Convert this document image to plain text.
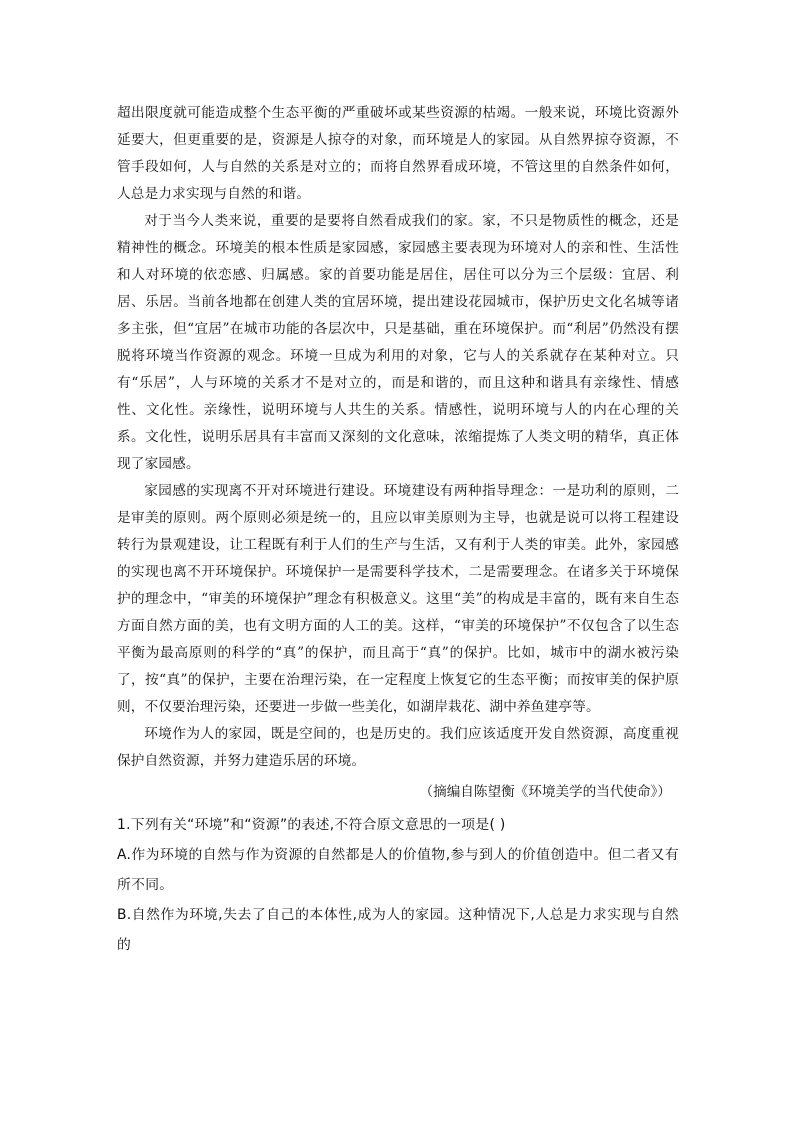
超出限度就可能造成整个生态平衡的严重破坏或某些资源的枯竭。一般来说，环境比资源外延要大，但更重要的是，资源是人掠夺的对象，而环境是人的家园。从自然界掠夺资源，不管手段如何，人与自然的关系是对立的；而将自然界看成环境，不管这里的自然条件如何，人总是力求实现与自然的和谐。

对于当今人类来说，重要的是要将自然看成我们的家。家，不只是物质性的概念，还是精神性的概念。环境美的根本性质是家园感，家园感主要表现为环境对人的亲和性、生活性和人对环境的依恋感、归属感。家的首要功能是居住，居住可以分为三个层级：宜居、利居、乐居。当前各地都在创建人类的宜居环境，提出建设花园城市，保护历史文化名城等诸多主张，但“宜居”在城市功能的各层次中，只是基础，重在环境保护。而“利居”仍然没有摆脱将环境当作资源的观念。环境一旦成为利用的对象，它与人的关系就存在某种对立。只有“乐居”，人与环境的关系才不是对立的，而是和谐的，而且这种和谐具有亲缘性、情感性、文化性。亲缘性，说明环境与人共生的关系。情感性，说明环境与人的内在心理的关系。文化性，说明乐居具有丰富而又深刻的文化意味，浓缩提炼了人类文明的精华，真正体现了家园感。

家园感的实现离不开对环境进行建设。环境建设有两种指导理念：一是功利的原则，二是审美的原则。两个原则必须是统一的，且应以审美原则为主导，也就是说可以将工程建设转行为景观建设，让工程既有利于人们的生产与生活，又有利于人类的审美。此外，家园感的实现也离不开环境保护。环境保护一是需要科学技术，二是需要理念。在诸多关于环境保护的理念中，“审美的环境保护”理念有积极意义。这里“美”的构成是丰富的，既有来自生态方面自然方面的美，也有文明方面的人工的美。这样，“审美的环境保护”不仅包含了以生态平衡为最高原则的科学的“真”的保护，而且高于“真”的保护。比如，城市中的湖水被污染了，按“真”的保护，主要在治理污染，在一定程度上恢复它的生态平衡；而按审美的保护原则，不仅要治理污染，还要进一步做一些美化，如湖岸栽花、湖中养鱼建亭等。

环境作为人的家园，既是空间的，也是历史的。我们应该适度开发自然资源，高度重视保护自然资源，并努力建造乐居的环境。

（摘编自陈望衡《环境美学的当代使命》）

1.下列有关“环境”和“资源”的表述,不符合原文意思的一项是( )

A.作为环境的自然与作为资源的自然都是人的价值物,参与到人的价值创造中。但二者又有所不同。

B.自然作为环境,失去了自己的本体性,成为人的家园。这种情况下,人总是力求实现与自然的
